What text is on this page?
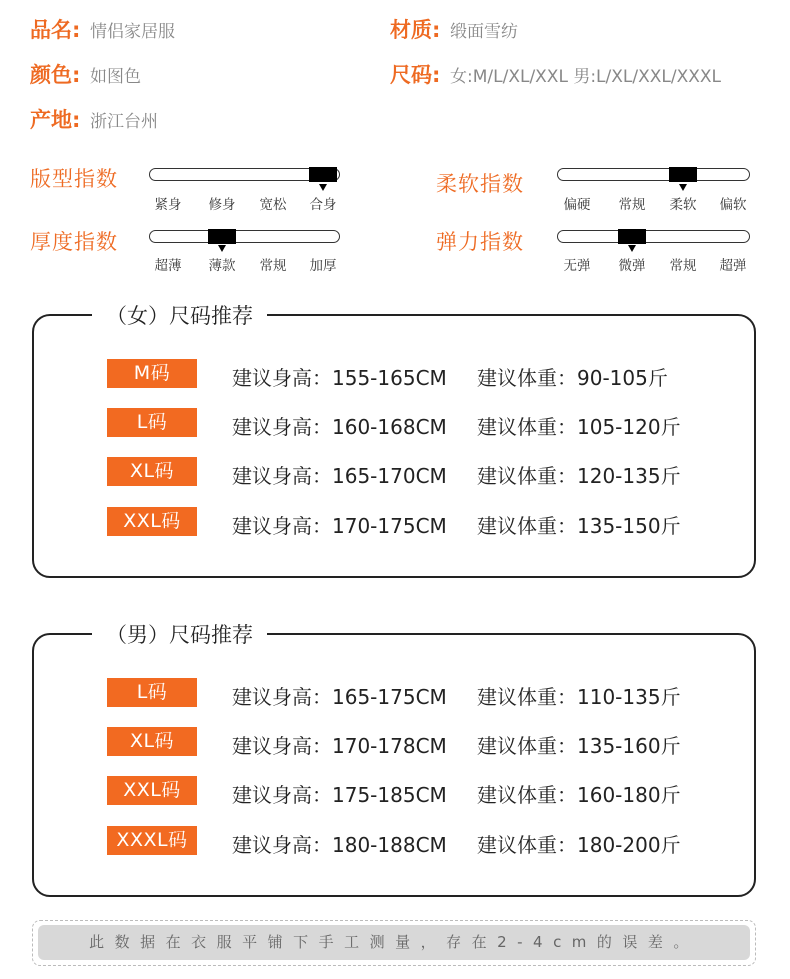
品名: 情侣家居服	材质: 缎面雪纺
颜色: 如图色	尺码: 女:M/L/XL/XXL 男:L/XL/XXL/XXXL
产地: 浙江台州
版型指数
紧身 修身 宽松 合身
柔软指数
偏硬 常规 柔软 偏软
厚度指数
超薄 薄款 常规 加厚
弹力指数
无弹 微弹 常规 超弹
（女）尺码推荐
M码	建议身高：155-165CM 建议体重：90-105斤
L码	建议身高：160-168CM 建议体重：105-120斤
XL码	建议身高：165-170CM 建议体重：120-135斤
XXL码	建议身高：170-175CM 建议体重：135-150斤
（男）尺码推荐
L码	建议身高：165-175CM 建议体重：110-135斤
XL码	建议身高：170-178CM 建议体重：135-160斤
XXL码	建议身高：175-185CM 建议体重：160-180斤
XXXL码	建议身高：180-188CM 建议体重：180-200斤
此数据在衣服平铺下手工测量，存在2-4cm的误差。
